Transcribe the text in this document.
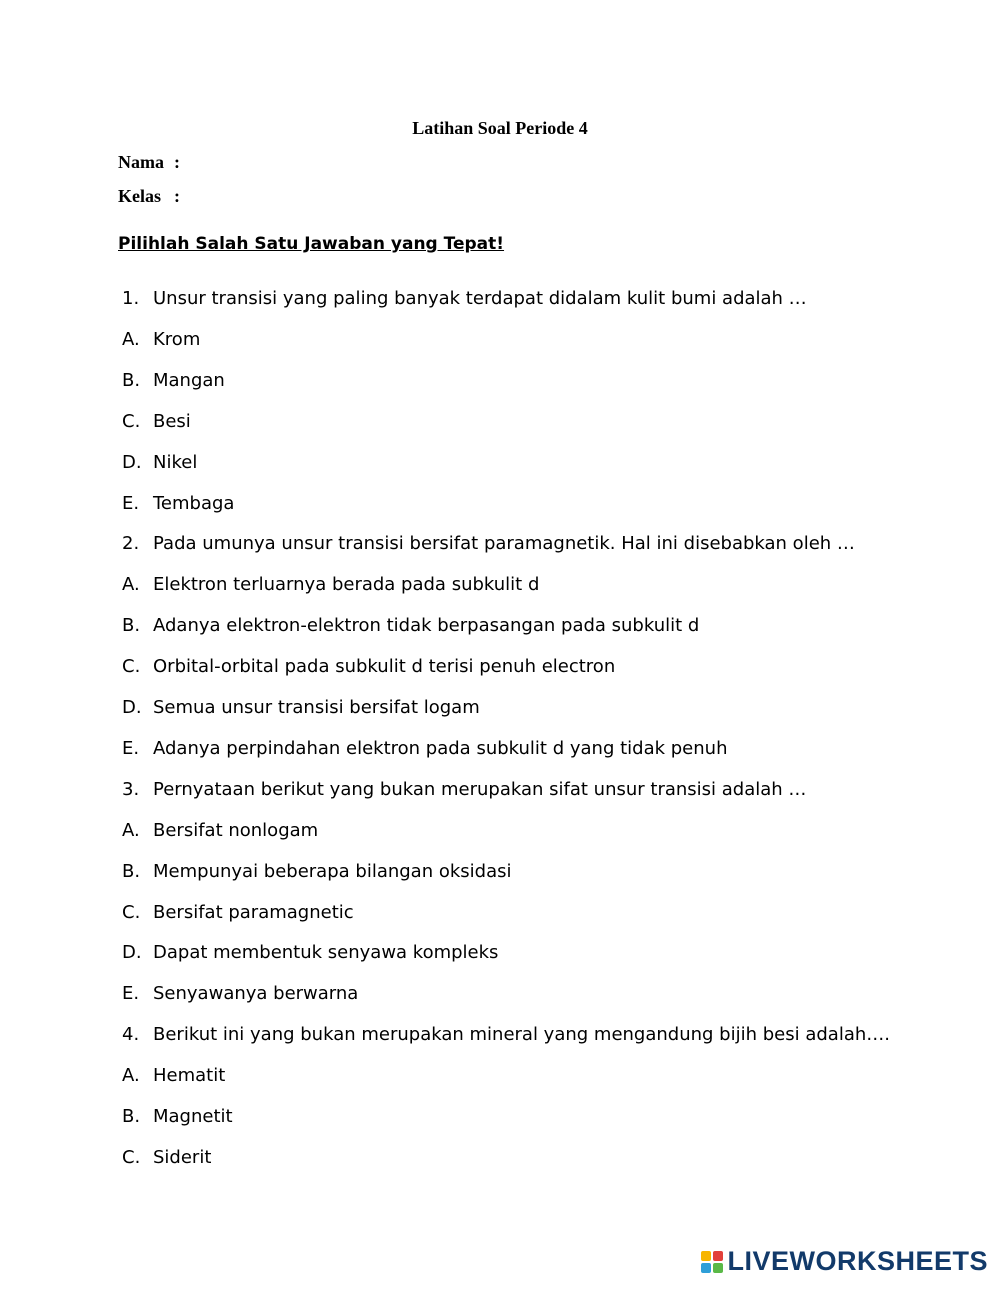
Latihan Soal Periode 4
Nama :
Kelas :
Pilihlah Salah Satu Jawaban yang Tepat!
1. Unsur transisi yang paling banyak terdapat didalam kulit bumi adalah …
A. Krom
B. Mangan
C. Besi
D. Nikel
E. Tembaga
2. Pada umunya unsur transisi bersifat paramagnetik. Hal ini disebabkan oleh …
A. Elektron terluarnya berada pada subkulit d
B. Adanya elektron-elektron tidak berpasangan pada subkulit d
C. Orbital-orbital pada subkulit d terisi penuh electron
D. Semua unsur transisi bersifat logam
E. Adanya perpindahan elektron pada subkulit d yang tidak penuh
3. Pernyataan berikut yang bukan merupakan sifat unsur transisi adalah …
A. Bersifat nonlogam
B. Mempunyai beberapa bilangan oksidasi
C. Bersifat paramagnetic
D. Dapat membentuk senyawa kompleks
E. Senyawanya berwarna
4. Berikut ini yang bukan merupakan mineral yang mengandung bijih besi adalah….
A. Hematit
B. Magnetit
C. Siderit
LIVEWORKSHEETS
